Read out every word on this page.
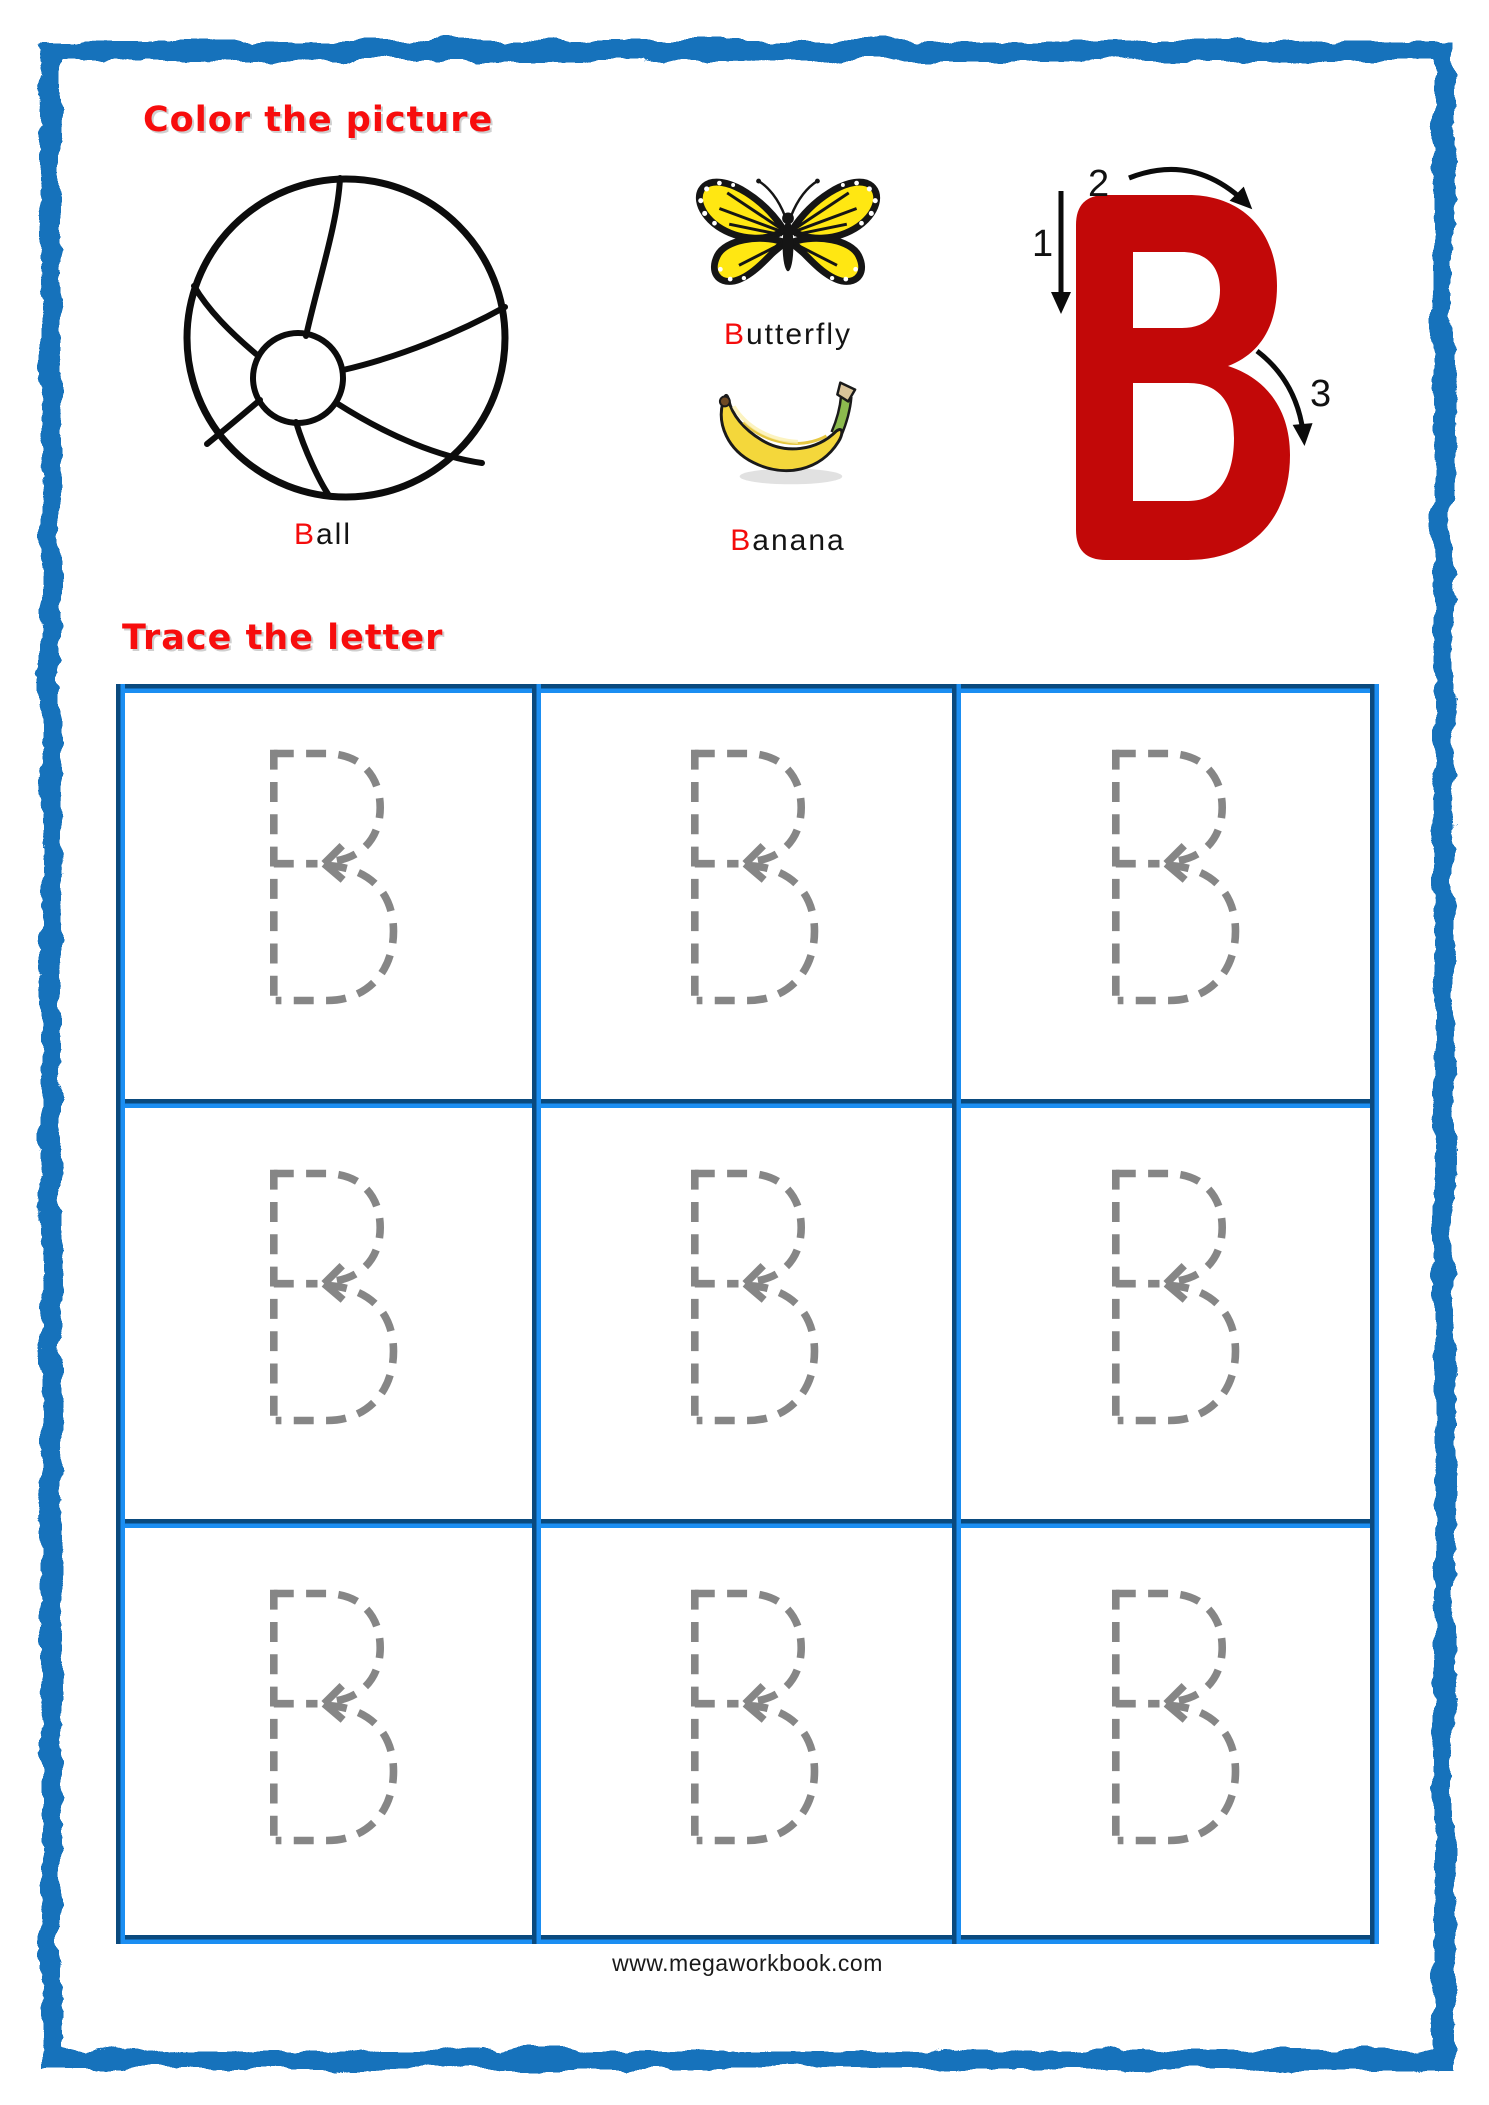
Color the picture
Trace the letter
Ball
Butterfly
Banana
1
2
3
www.megaworkbook.com
